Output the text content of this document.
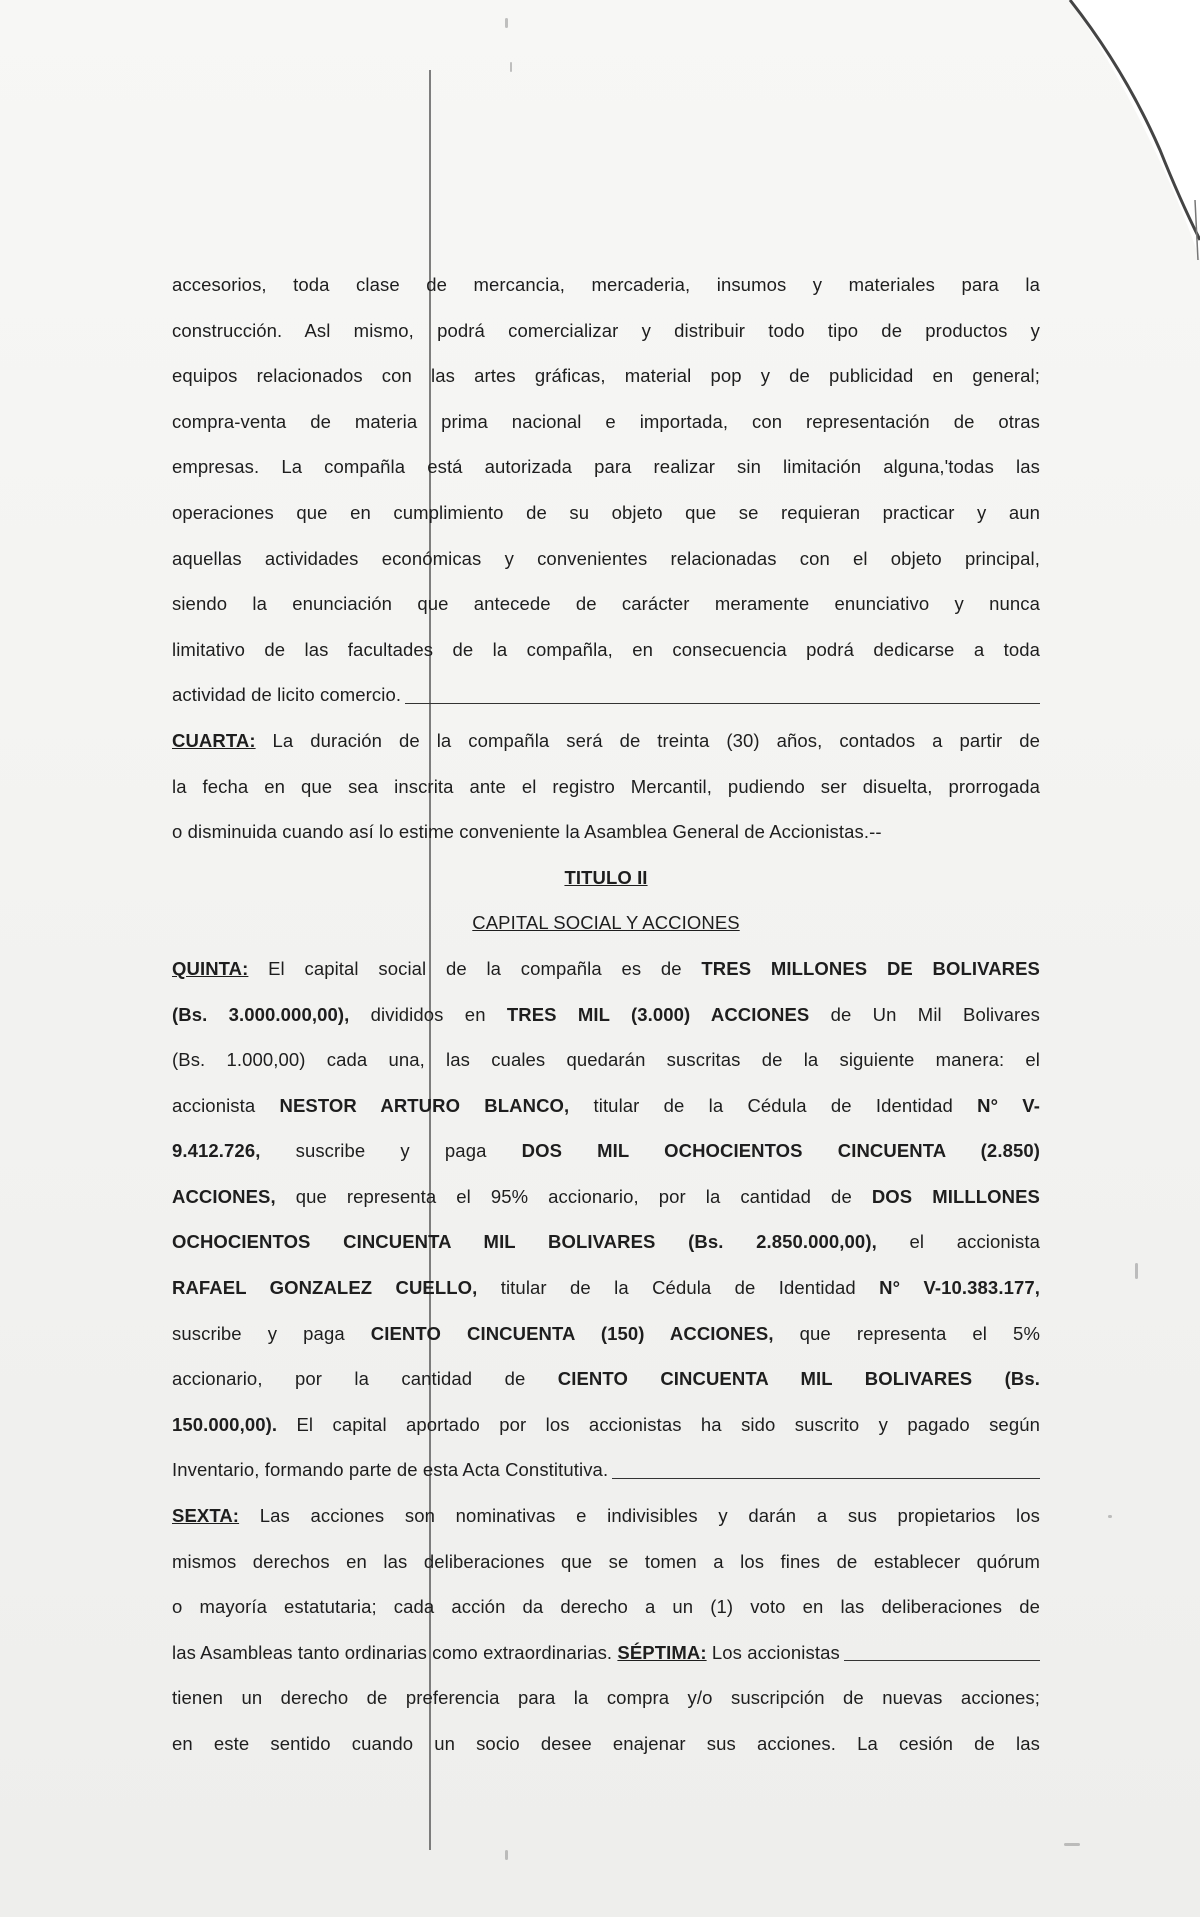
accesorios, toda clase de mercancia, mercaderia, insumos y materiales para la
construcción. Asl mismo, podrá comercializar y distribuir todo tipo de productos y
equipos relacionados con las artes gráficas, material pop y de publicidad en general;
compra-venta de materia prima nacional e importada, con representación de otras
empresas. La compañla está autorizada para realizar sin limitación alguna,'todas las
operaciones que en cumplimiento de su objeto que se requieran practicar y aun
aquellas actividades económicas y convenientes relacionadas con el objeto principal,
siendo la enunciación que antecede de carácter meramente enunciativo y nunca
limitativo de las facultades de la compañla, en consecuencia podrá dedicarse a toda
actividad de licito comercio.
CUARTA: La duración de la compañla será de treinta (30) años, contados a partir de
la fecha en que sea inscrita ante el registro Mercantil, pudiendo ser disuelta, prorrogada
o disminuida cuando así lo estime conveniente la Asamblea General de Accionistas.--
TITULO II
CAPITAL SOCIAL Y ACCIONES
QUINTA: El capital social de la compañla es de TRES MILLONES DE BOLIVARES
(Bs. 3.000.000,00), divididos en TRES MIL (3.000) ACCIONES de Un Mil Bolivares
(Bs. 1.000,00) cada una, las cuales quedarán suscritas de la siguiente manera: el
accionista NESTOR ARTURO BLANCO, titular de la Cédula de Identidad N° V-
9.412.726, suscribe y paga DOS MIL OCHOCIENTOS CINCUENTA (2.850)
ACCIONES, que representa el 95% accionario, por la cantidad de DOS MILLLONES
OCHOCIENTOS CINCUENTA MIL BOLIVARES (Bs. 2.850.000,00), el accionista
RAFAEL GONZALEZ CUELLO, titular de la Cédula de Identidad N° V-10.383.177,
suscribe y paga CIENTO CINCUENTA (150) ACCIONES, que representa el 5%
accionario, por la cantidad de CIENTO CINCUENTA MIL BOLIVARES (Bs.
150.000,00). El capital aportado por los accionistas ha sido suscrito y pagado según
Inventario, formando parte de esta Acta Constitutiva.
SEXTA: Las acciones son nominativas e indivisibles y darán a sus propietarios los
mismos derechos en las deliberaciones que se tomen a los fines de establecer quórum
o mayoría estatutaria; cada acción da derecho a un (1) voto en las deliberaciones de
las Asambleas tanto ordinarias como extraordinarias. SÉPTIMA: Los accionistas
tienen un derecho de preferencia para la compra y/o suscripción de nuevas acciones;
en este sentido cuando un socio desee enajenar sus acciones. La cesión de las
